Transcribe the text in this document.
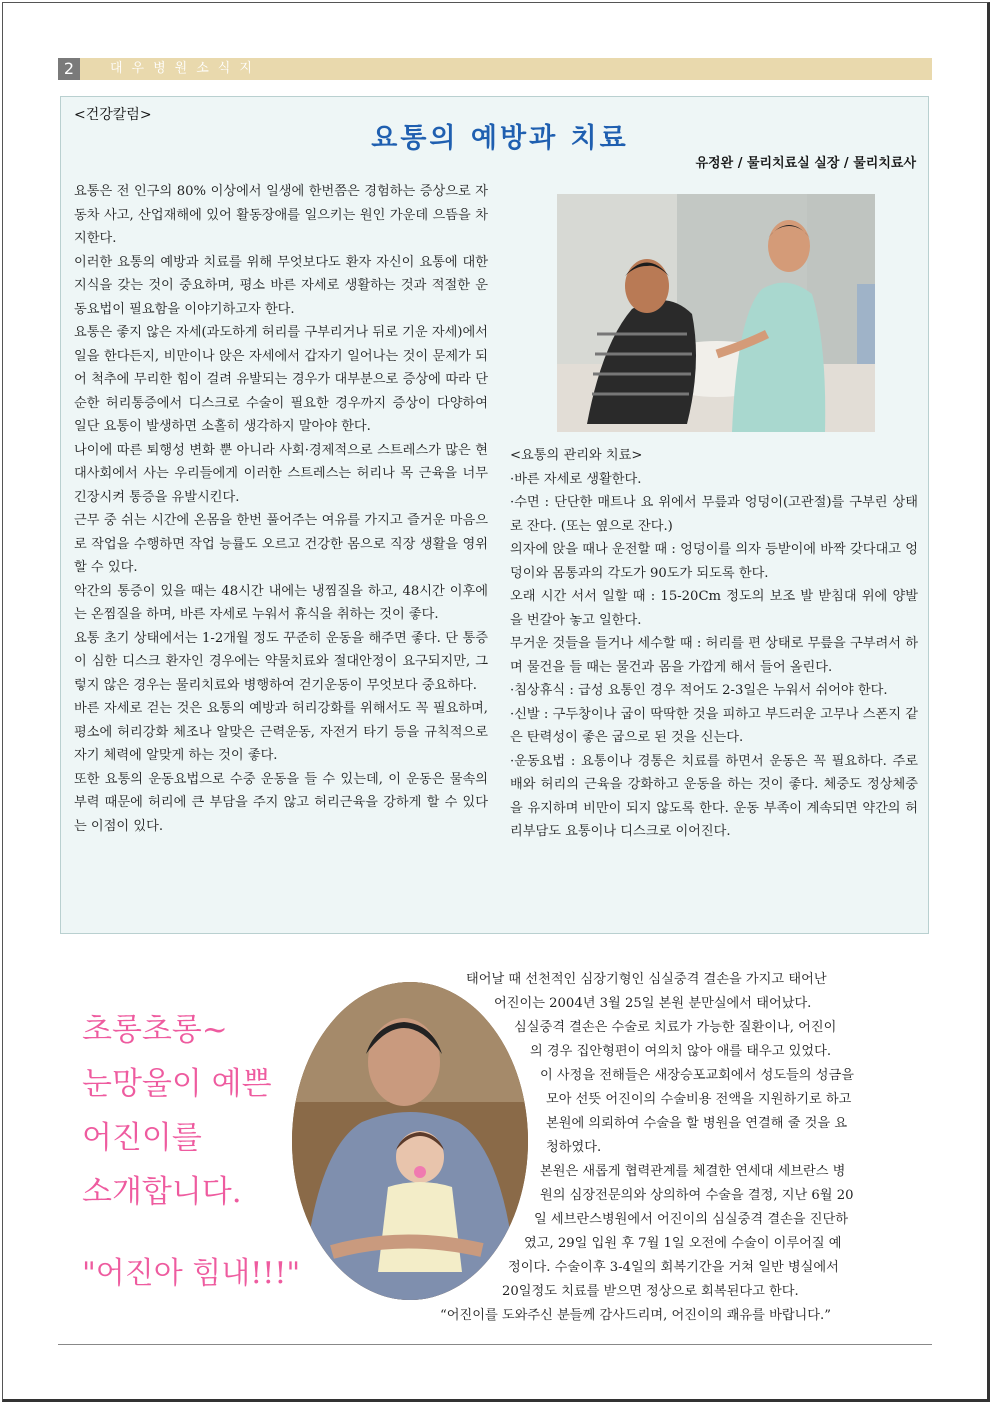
2	대우병원소식지
<건강칼럼>
요통의 예방과 치료
유정완 / 물리치료실 실장 / 물리치료사

요통은 전 인구의 80% 이상에서 일생에 한번쯤은 경험하는 증상으로 자동차 사고, 산업재해에 있어 활동장애를 일으키는 원인 가운데 으뜸을 차지한다.

이러한 요통의 예방과 치료를 위해 무엇보다도 환자 자신이 요통에 대한 지식을 갖는 것이 중요하며, 평소 바른 자세로 생활하는 것과 적절한 운동요법이 필요함을 이야기하고자 한다.

요통은 좋지 않은 자세(과도하게 허리를 구부리거나 뒤로 기운 자세)에서 일을 한다든지, 비만이나 앉은 자세에서 갑자기 일어나는 것이 문제가 되어 척추에 무리한 힘이 걸려 유발되는 경우가 대부분으로 증상에 따라 단순한 허리통증에서 디스크로 수술이 필요한 경우까지 증상이 다양하여 일단 요통이 발생하면 소홀히 생각하지 말아야 한다.

나이에 따른 퇴행성 변화 뿐 아니라 사회·경제적으로 스트레스가 많은 현대사회에서 사는 우리들에게 이러한 스트레스는 허리나 목 근육을 너무 긴장시켜 통증을 유발시킨다.

근무 중 쉬는 시간에 온몸을 한번 풀어주는 여유를 가지고 즐거운 마음으로 작업을 수행하면 작업 능률도 오르고 건강한 몸으로 직장 생활을 영위할 수 있다.

악간의 통증이 있을 때는 48시간 내에는 냉찜질을 하고, 48시간 이후에는 온찜질을 하며, 바른 자세로 누워서 휴식을 취하는 것이 좋다.

요통 초기 상태에서는 1-2개월 정도 꾸준히 운동을 해주면 좋다. 단 통증이 심한 디스크 환자인 경우에는 약물치료와 절대안정이 요구되지만, 그렇지 않은 경우는 물리치료와 병행하여 걷기운동이 무엇보다 중요하다.

바른 자세로 걷는 것은 요통의 예방과 허리강화를 위해서도 꼭 필요하며, 평소에 허리강화 체조나 알맞은 근력운동, 자전거 타기 등을 규칙적으로 자기 체력에 알맞게 하는 것이 좋다.

또한 요통의 운동요법으로 수중 운동을 들 수 있는데, 이 운동은 물속의 부력 때문에 허리에 큰 부담을 주지 않고 허리근육을 강하게 할 수 있다는 이점이 있다.

<요통의 관리와 치료>

·바른 자세로 생활한다.

·수면 : 단단한 매트나 요 위에서 무릎과 엉덩이(고관절)를 구부린 상태로 잔다. (또는 옆으로 잔다.)

의자에 앉을 때나 운전할 때 : 엉덩이를 의자 등받이에 바짝 갖다대고 엉덩이와 몸통과의 각도가 90도가 되도록 한다.

오래 시간 서서 일할 때 : 15-20Cm 정도의 보조 발 받침대 위에 양발을 번갈아 놓고 일한다.

무거운 것들을 들거나 세수할 때 : 허리를 편 상태로 무릎을 구부려서 하며 물건을 들 때는 물건과 몸을 가깝게 해서 들어 올린다.

·침상휴식 : 급성 요통인 경우 적어도 2-3일은 누워서 쉬어야 한다.

·신발 : 구두창이나 굽이 딱딱한 것을 피하고 부드러운 고무나 스폰지 같은 탄력성이 좋은 굽으로 된 것을 신는다.

·운동요법 : 요통이나 경통은 치료를 하면서 운동은 꼭 필요하다. 주로 배와 허리의 근육을 강화하고 운동을 하는 것이 좋다. 체중도 정상체중을 유지하며 비만이 되지 않도록 한다. 운동 부족이 계속되면 약간의 허리부담도 요통이나 디스크로 이어진다.

초롱초롱~
눈망울이 예쁜
어진이를
소개합니다.
"어진아 힘내!!!"
태어날 때 선천적인 심장기형인 심실중격 결손을 가지고 태어난
어진이는 2004년 3월 25일 본원 분만실에서 태어났다.
심실중격 결손은 수술로 치료가 가능한 질환이나, 어진이
의 경우 집안형편이 여의치 않아 애를 태우고 있었다.
이 사정을 전해들은 새장승포교회에서 성도들의 성금을
모아 선뜻 어진이의 수술비용 전액을 지원하기로 하고
본원에 의뢰하여 수술을 할 병원을 연결해 줄 것을 요
청하였다.
본원은 새롭게 협력관계를 체결한 연세대 세브란스 병
원의 심장전문의와 상의하여 수술을 결정, 지난 6월 20
일 세브란스병원에서 어진이의 심실중격 결손을 진단하
였고, 29일 입원 후 7월 1일 오전에 수술이 이루어질 예
정이다. 수술이후 3-4일의 회복기간을 거쳐 일반 병실에서
20일정도 치료를 받으면 정상으로 회복된다고 한다.
“어진이를 도와주신 분들께 감사드리며, 어진이의 쾌유를 바랍니다.”
